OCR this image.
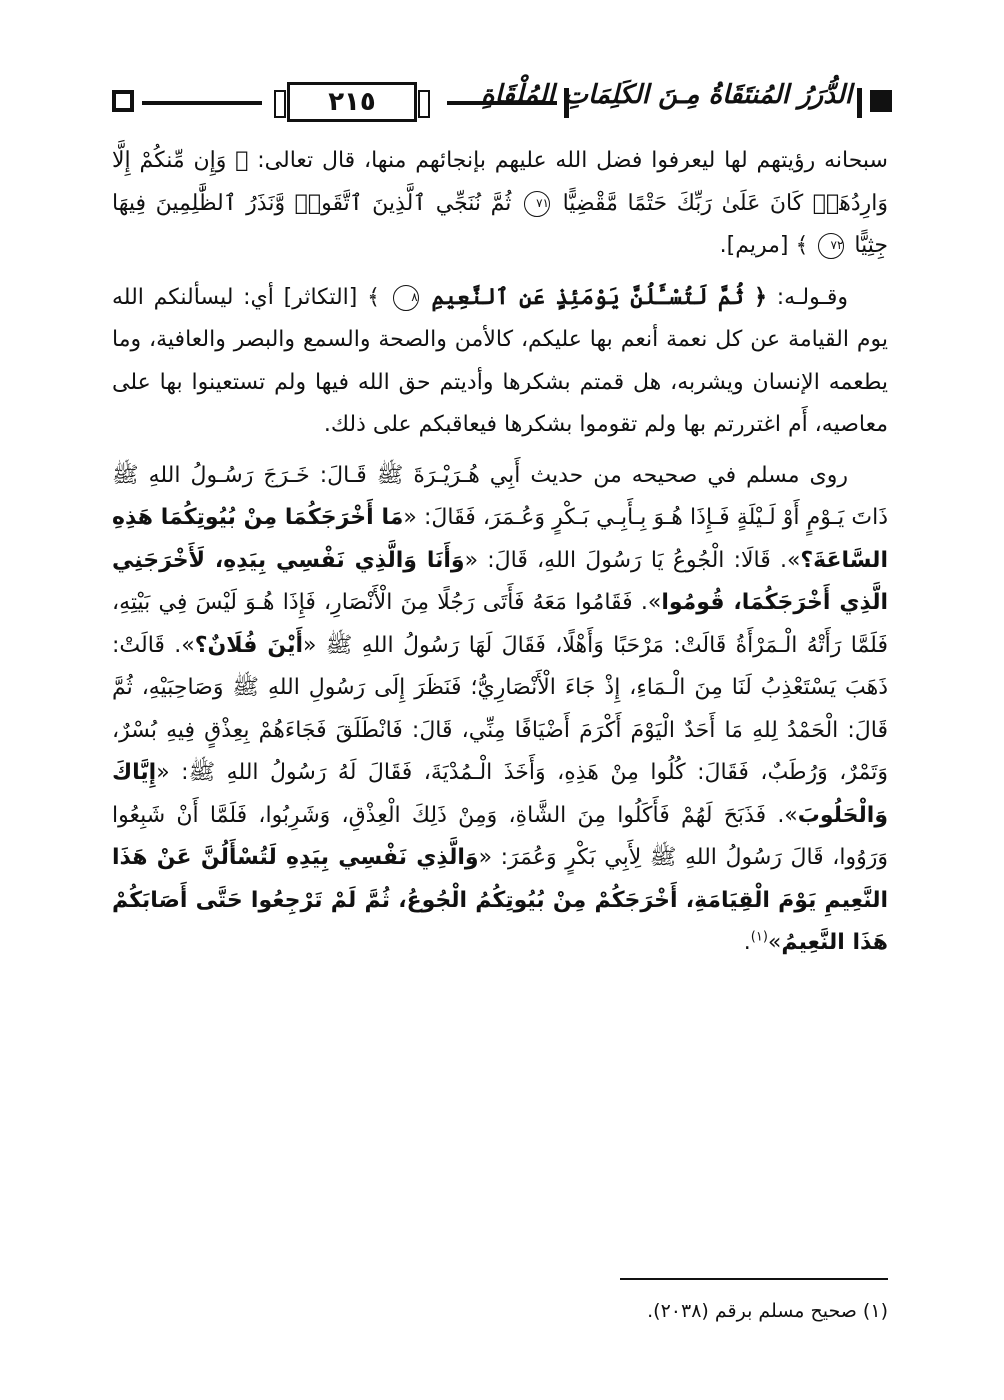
٢١٥	الدُّرَرُ المُنتَقَاةُ مِـنَ الكَلِمَاتِ المُلْقَاةِ

سبحانه رؤيتهم لها ليعرفوا فضل الله عليهم بإنجائهم منها، قال تعالى: ﴿ وَإِن مِّنكُمْ إِلَّا وَارِدُهَاۚ كَانَ عَلَىٰ رَبِّكَ حَتْمًا مَّقْضِيًّا ٧١ ثُمَّ نُنَجِّي ٱلَّذِينَ ٱتَّقَوا۟ وَّنَذَرُ ٱلظَّٰلِمِينَ فِيهَا جِثِيًّا ٧٢ ﴾ [مريم].

وقـولـه: ﴿ ثُمَّ لَتُسْـَٔلُنَّ يَوْمَئِذٍ عَنِ ٱلنَّعِيمِ ٨ ﴾ [التكاثر] أي: ليسألنكم الله يوم القيامة عن كل نعمة أنعم بها عليكم، كالأمن والصحة والسمع والبصر والعافية، وما يطعمه الإنسان ويشربه، هل قمتم بشكرها وأديتم حق الله فيها ولم تستعينوا بها على معاصيه، أَم اغتررتم بها ولم تقوموا بشكرها فيعاقبكم على ذلك.

روى مسلم في صحيحه من حديث أَبِي هُـرَيْـرَةَ ﷺ قَـالَ: خَـرَجَ رَسُـولُ اللهِ ﷺ ذَاتَ يَـوْمٍ أَوْ لَـيْلَةٍ فَـإِذَا هُـوَ بِـأَبِـي بَـكْرٍ وَعُـمَرَ، فَقَالَ: «مَا أَخْرَجَكُمَا مِنْ بُيُوتِكُمَا هَذِهِ السَّاعَةَ؟». قَالَا: الْجُوعُ يَا رَسُولَ اللهِ، قَالَ: «وَأَنَا وَالَّذِي نَفْسِي بِيَدِهِ، لَأَخْرَجَنِي الَّذِي أَخْرَجَكُمَا، قُومُوا». فَقَامُوا مَعَهُ فَأَتَى رَجُلًا مِنَ الْأَنْصَارِ، فَإِذَا هُـوَ لَيْسَ فِي بَيْتِهِ، فَلَمَّا رَأَتْهُ الْـمَرْأَةُ قَالَتْ: مَرْحَبًا وَأَهْلًا، فَقَالَ لَهَا رَسُولُ اللهِ ﷺ «أَيْنَ فُلَانٌ؟». قَالَتْ: ذَهَبَ يَسْتَعْذِبُ لَنَا مِنَ الْـمَاءِ، إِذْ جَاءَ الْأَنْصَارِيُّ؛ فَنَظَرَ إِلَى رَسُولِ اللهِ ﷺ وَصَاحِبَيْهِ، ثُمَّ قَالَ: الْحَمْدُ لِلهِ مَا أَحَدٌ الْيَوْمَ أَكْرَمَ أَضْيَافًا مِنِّي، قَالَ: فَانْطَلَقَ فَجَاءَهُمْ بِعِذْقٍ فِيهِ بُسْرٌ، وَتَمْرٌ، وَرُطَبٌ، فَقَالَ: كُلُوا مِنْ هَذِهِ، وَأَخَذَ الْـمُدْيَةَ، فَقَالَ لَهُ رَسُولُ اللهِ ﷺ: «إِيَّاكَ وَالْحَلُوبَ». فَذَبَحَ لَهُمْ فَأَكَلُوا مِنَ الشَّاةِ، وَمِنْ ذَلِكَ الْعِذْقِ، وَشَرِبُوا، فَلَمَّا أَنْ شَبِعُوا وَرَوُوا، قَالَ رَسُولُ اللهِ ﷺ لِأَبِي بَكْرٍ وَعُمَرَ: «وَالَّذِي نَفْسِي بِيَدِهِ لَتُسْأَلُنَّ عَنْ هَذَا النَّعِيمِ يَوْمَ الْقِيَامَةِ، أَخْرَجَكُمْ مِنْ بُيُوتِكُمُ الْجُوعُ، ثُمَّ لَمْ تَرْجِعُوا حَتَّى أَصَابَكُمْ هَذَا النَّعِيمُ»$^{(١)}$.

(١) صحيح مسلم برقم (٢٠٣٨).
